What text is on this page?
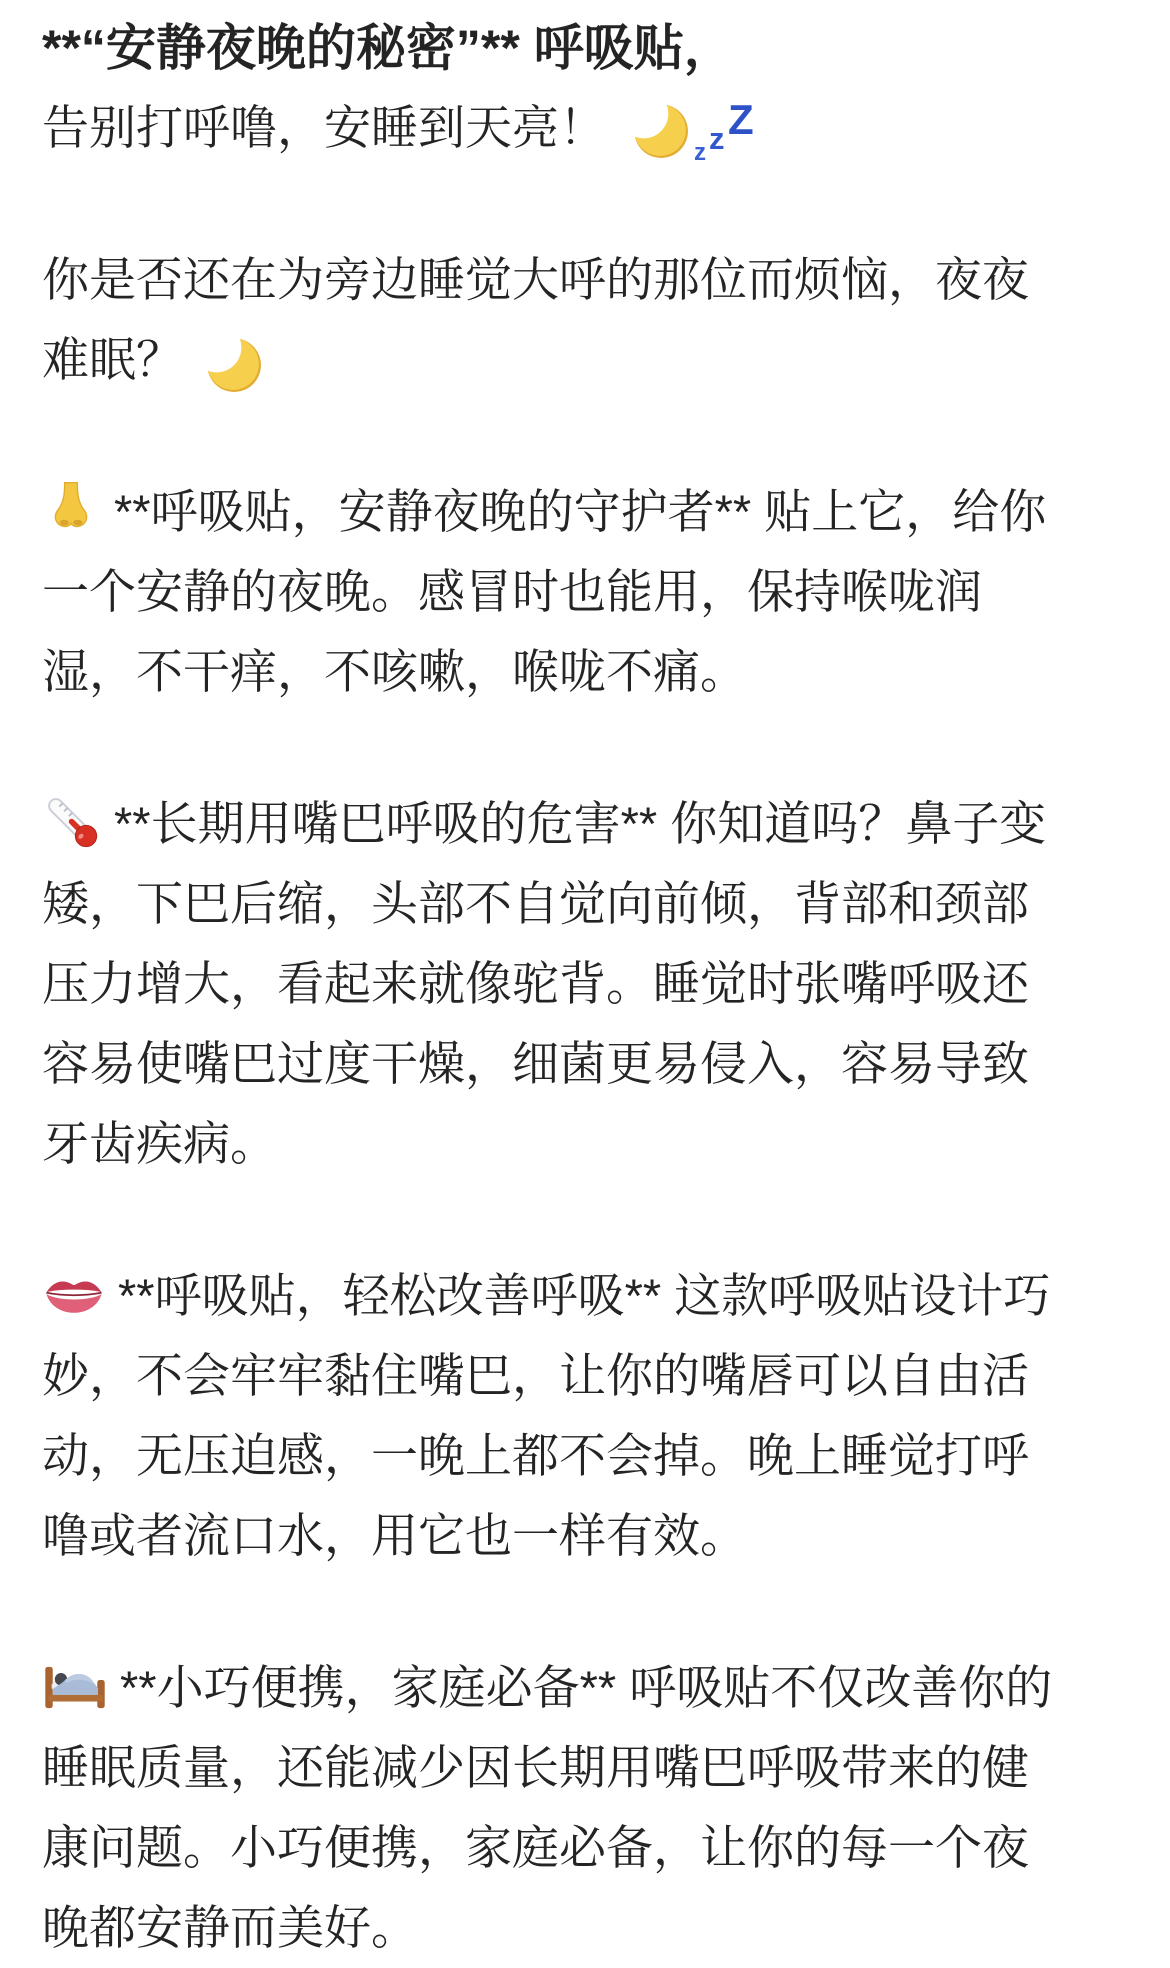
**“安静夜晚的秘密”** 呼吸贴，
告别打呼噜，安睡到天亮！	z z Z

你是否还在为旁边睡觉大呼的那位而烦恼，夜夜难眠？

**呼吸贴，安静夜晚的守护者** 贴上它，给你一个安静的夜晚。感冒时也能用，保持喉咙润湿，不干痒，不咳嗽，喉咙不痛。

**长期用嘴巴呼吸的危害** 你知道吗？鼻子变矮，下巴后缩，头部不自觉向前倾，背部和颈部压力增大，看起来就像驼背。睡觉时张嘴呼吸还容易使嘴巴过度干燥，细菌更易侵入，容易导致牙齿疾病。

**呼吸贴，轻松改善呼吸** 这款呼吸贴设计巧妙，不会牢牢黏住嘴巴，让你的嘴唇可以自由活动，无压迫感，一晚上都不会掉。晚上睡觉打呼噜或者流口水，用它也一样有效。

**小巧便携，家庭必备** 呼吸贴不仅改善你的睡眠质量，还能减少因长期用嘴巴呼吸带来的健康问题。小巧便携，家庭必备，让你的每一个夜晚都安静而美好。
